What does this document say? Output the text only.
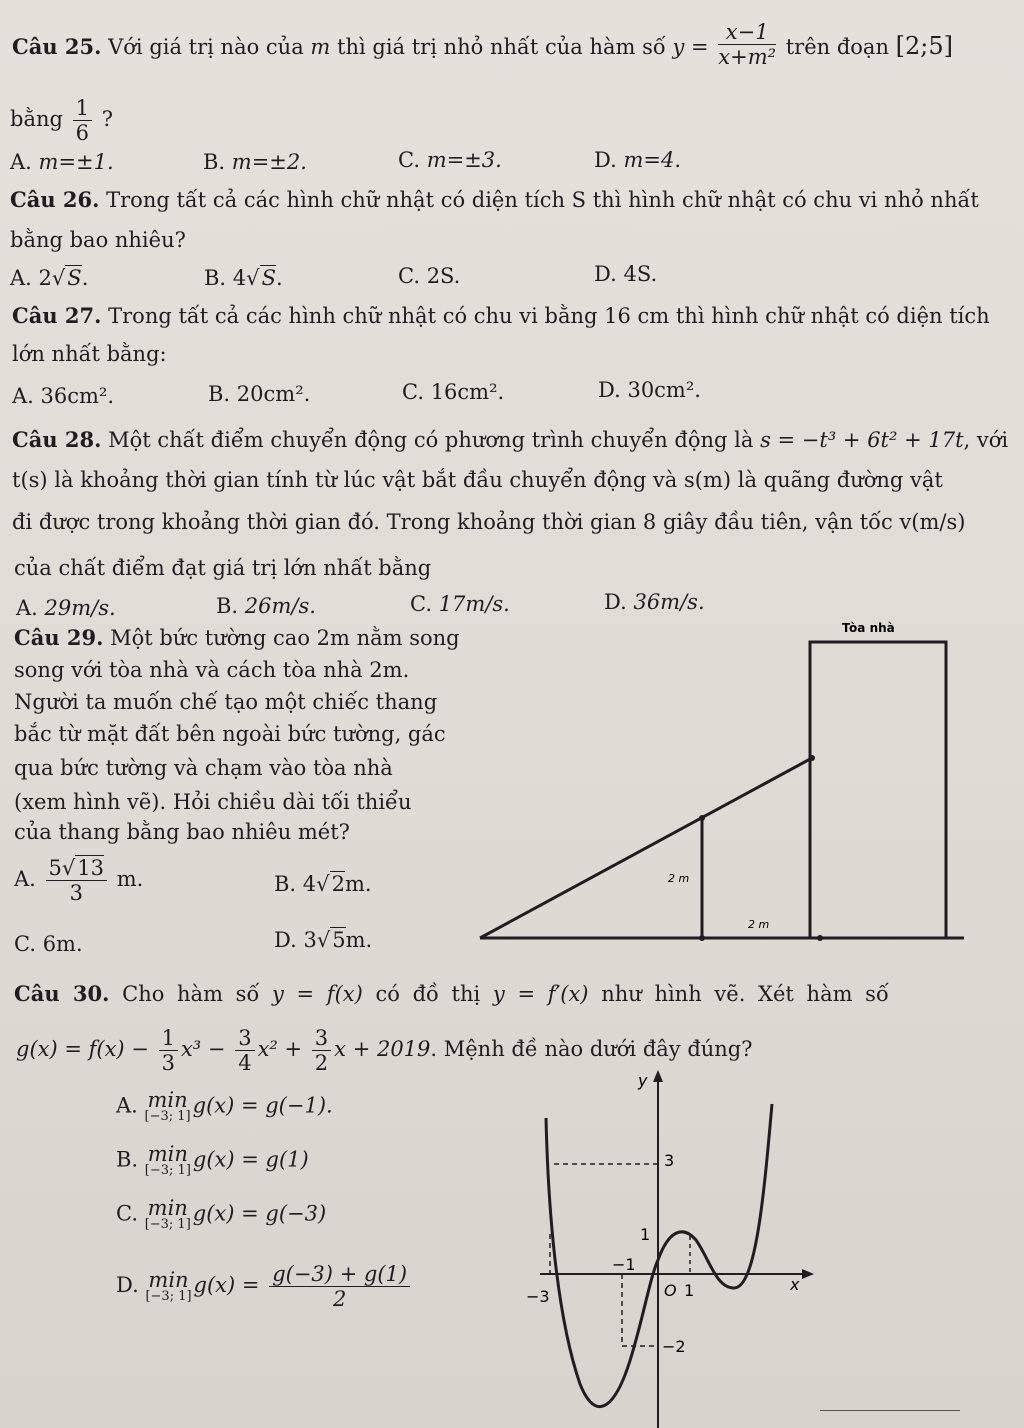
Câu 25. Với giá trị nào của m thì giá trị nhỏ nhất của hàm số $y = \frac{x-1}{\text{x+m²}}$ trên đoạn [2;5]
bằng $\frac{1}{6}$ ?
A. m=±1.	B. m=±2.	C. m=±3.	D. m=4.
Câu 26. Trong tất cả các hình chữ nhật có diện tích S thì hình chữ nhật có chu vi nhỏ nhất
bằng bao nhiêu?
A. 2√S.	B. 4√S.	C. 2S.	D. 4S.
Câu 27. Trong tất cả các hình chữ nhật có chu vi bằng 16 cm thì hình chữ nhật có diện tích
lớn nhất bằng:
A. 36cm².	B. 20cm².	C. 16cm².	D. 30cm².
Câu 28. Một chất điểm chuyển động có phương trình chuyển động là s = −t³ + 6t² + 17t, với
t(s) là khoảng thời gian tính từ lúc vật bắt đầu chuyển động và s(m) là quãng đường vật
đi được trong khoảng thời gian đó. Trong khoảng thời gian 8 giây đầu tiên, vận tốc v(m/s)
của chất điểm đạt giá trị lớn nhất bằng
A. 29m/s.	B. 26m/s.	C. 17m/s.	D. 36m/s.
Câu 29. Một bức tường cao 2m nằm song
song với tòa nhà và cách tòa nhà 2m.
Người ta muốn chế tạo một chiếc thang
bắc từ mặt đất bên ngoài bức tường, gác
qua bức tường và chạm vào tòa nhà
(xem hình vẽ). Hỏi chiều dài tối thiểu
của thang bằng bao nhiêu mét?
A. $\frac{5√13}{3} m$.	B. 4√2m.
C. 6m.	D. 3√5m.
Tòa nhà
2 m
2 m
Câu 30. Cho hàm số y = f(x) có đồ thị y = f′(x) như hình vẽ. Xét hàm số
$g(x) = f(x) - \frac{1}{3} x^3 - \frac{3}{4} x^2 + \frac{3}{2}$ x + 2019. Mệnh đề nào dưới đây đúng?
A. min
[−3; 1] g(x) = g(−1).
B. min
[−3; 1] g(x) = g(1)
C. min
[−3; 1] g(x) = g(−3)
D. min
[−3; 1] $g(x) = \frac{g(-3) + g(1)}{2}$
y
x
3
1
−1
O 1
−3
−2
